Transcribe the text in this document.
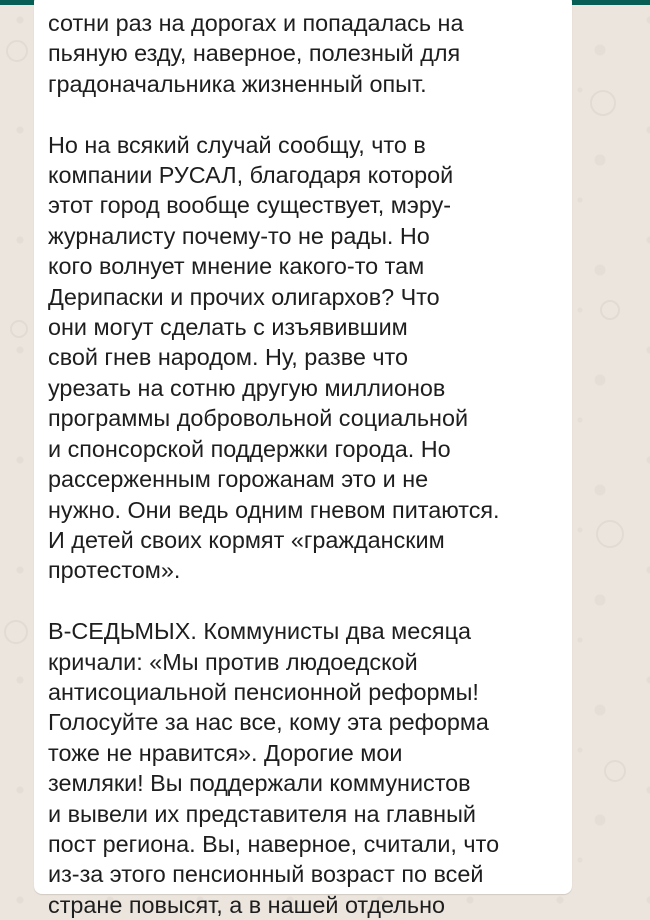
сотни раз на дорогах и попадалась на
пьяную езду, наверное, полезный для
градоначальника жизненный опыт.

Но на всякий случай сообщу, что в
компании РУСАЛ, благодаря которой
этот город вообще существует, мэру-
журналисту почему-то не рады. Но
кого волнует мнение какого-то там
Дерипаски и прочих олигархов? Что
они могут сделать с изъявившим
свой гнев народом. Ну, разве что
урезать на сотню другую миллионов
программы добровольной социальной
и спонсорской поддержки города. Но
рассерженным горожанам это и не
нужно. Они ведь одним гневом питаются.
И детей своих кормят «гражданским
протестом».

В-СЕДЬМЫХ. Коммунисты два месяца
кричали: «Мы против людоедской
антисоциальной пенсионной реформы!
Голосуйте за нас все, кому эта реформа
тоже не нравится». Дорогие мои
земляки! Вы поддержали коммунистов
и вывели их представителя на главный
пост региона. Вы, наверное, считали, что
из-за этого пенсионный возраст по всей
стране повысят, а в нашей отдельно
